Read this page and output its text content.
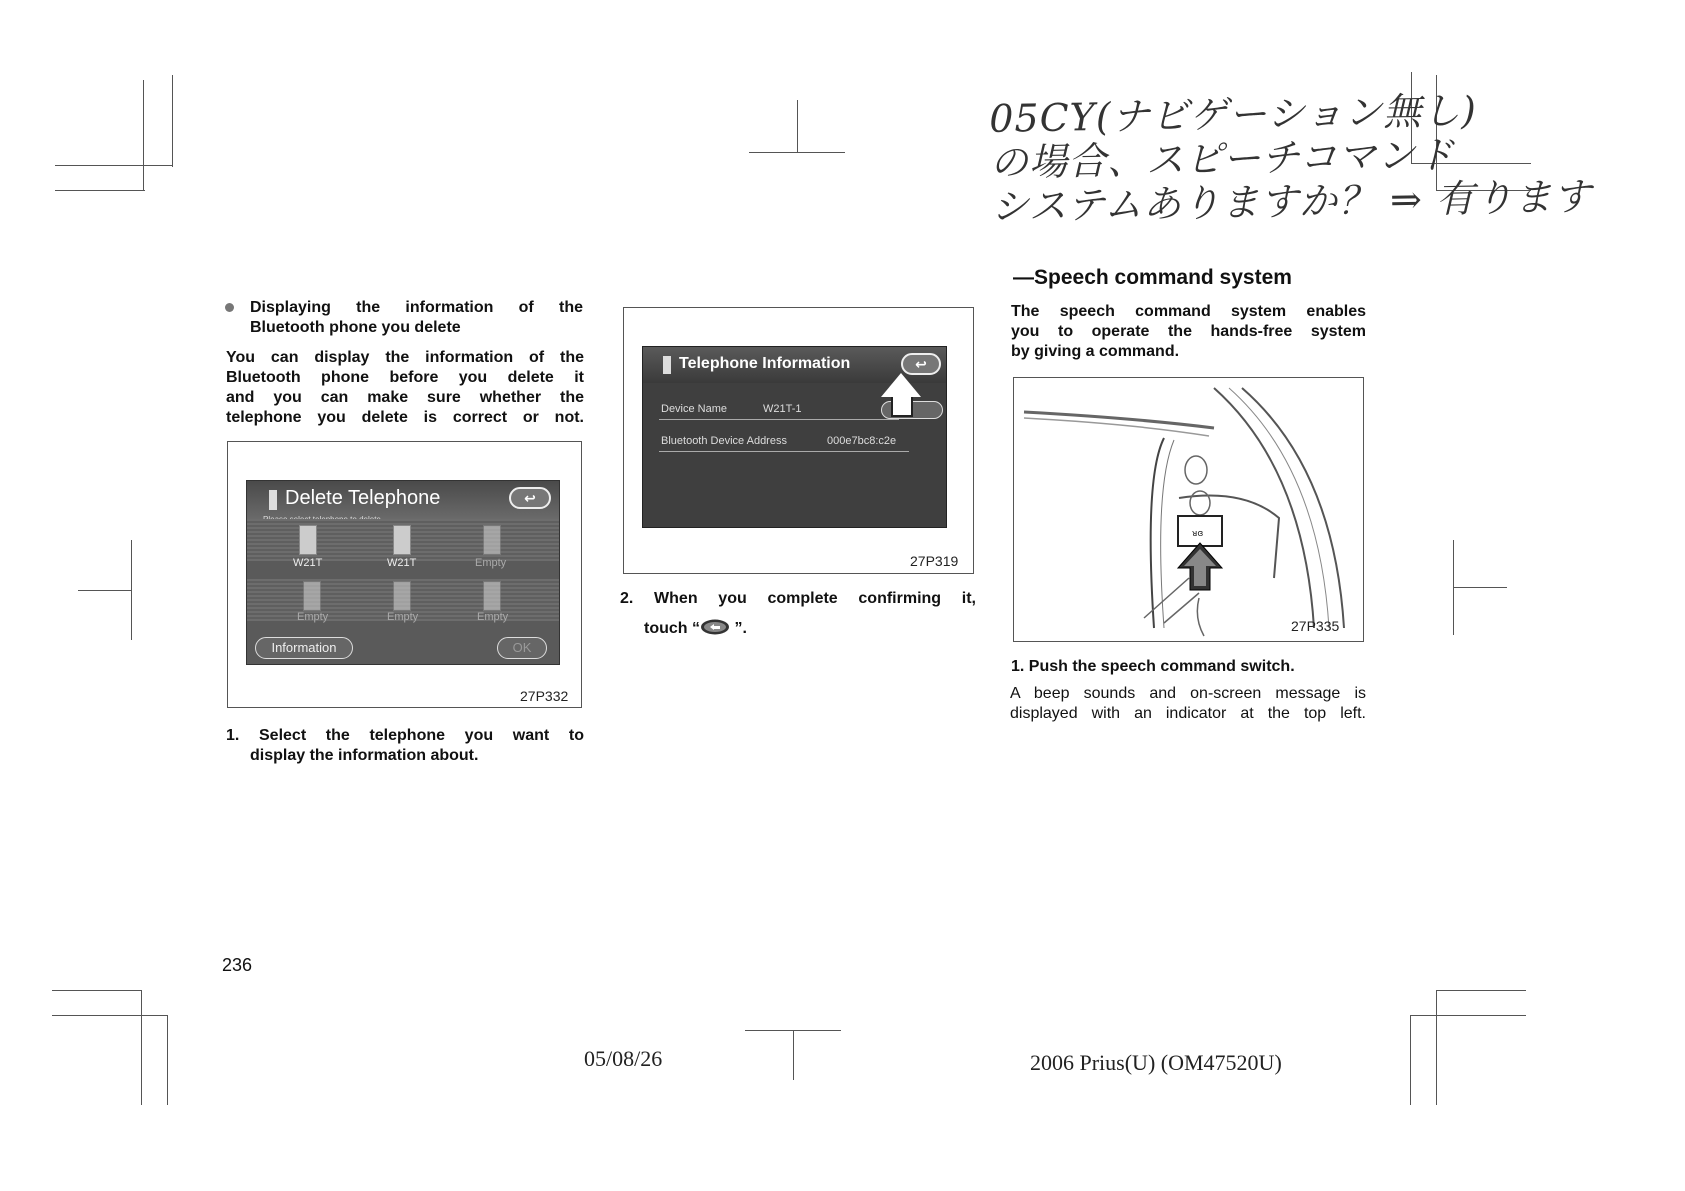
05CY(ナビゲーション無し)
の場合、スピーチコマンド
システムありますか？ ⇒ 有ります
Displaying the information of the
Bluetooth phone you delete
You can display the information of the
Bluetooth phone before you delete it
and you can make sure whether the
telephone you delete is correct or not.
Delete Telephone	↩
W21T	W21T	Empty
Empty	Empty	Empty
Information	OK
27P332
1. Select the telephone you want to
display the information about.
Telephone Information	↩
Device Name	W21T-1
Bluetooth Device Address	000e7bc8:c2e
27P319
2. When you complete confirming it,
touch “ ”.
—Speech command system
The speech command system enables
you to operate the hands-free system
by giving a command.
ᴚɞ
27P335
1. Push the speech command switch.
A beep sounds and on-screen message is
displayed with an indicator at the top left.
236
05/08/26	2006 Prius(U) (OM47520U)
